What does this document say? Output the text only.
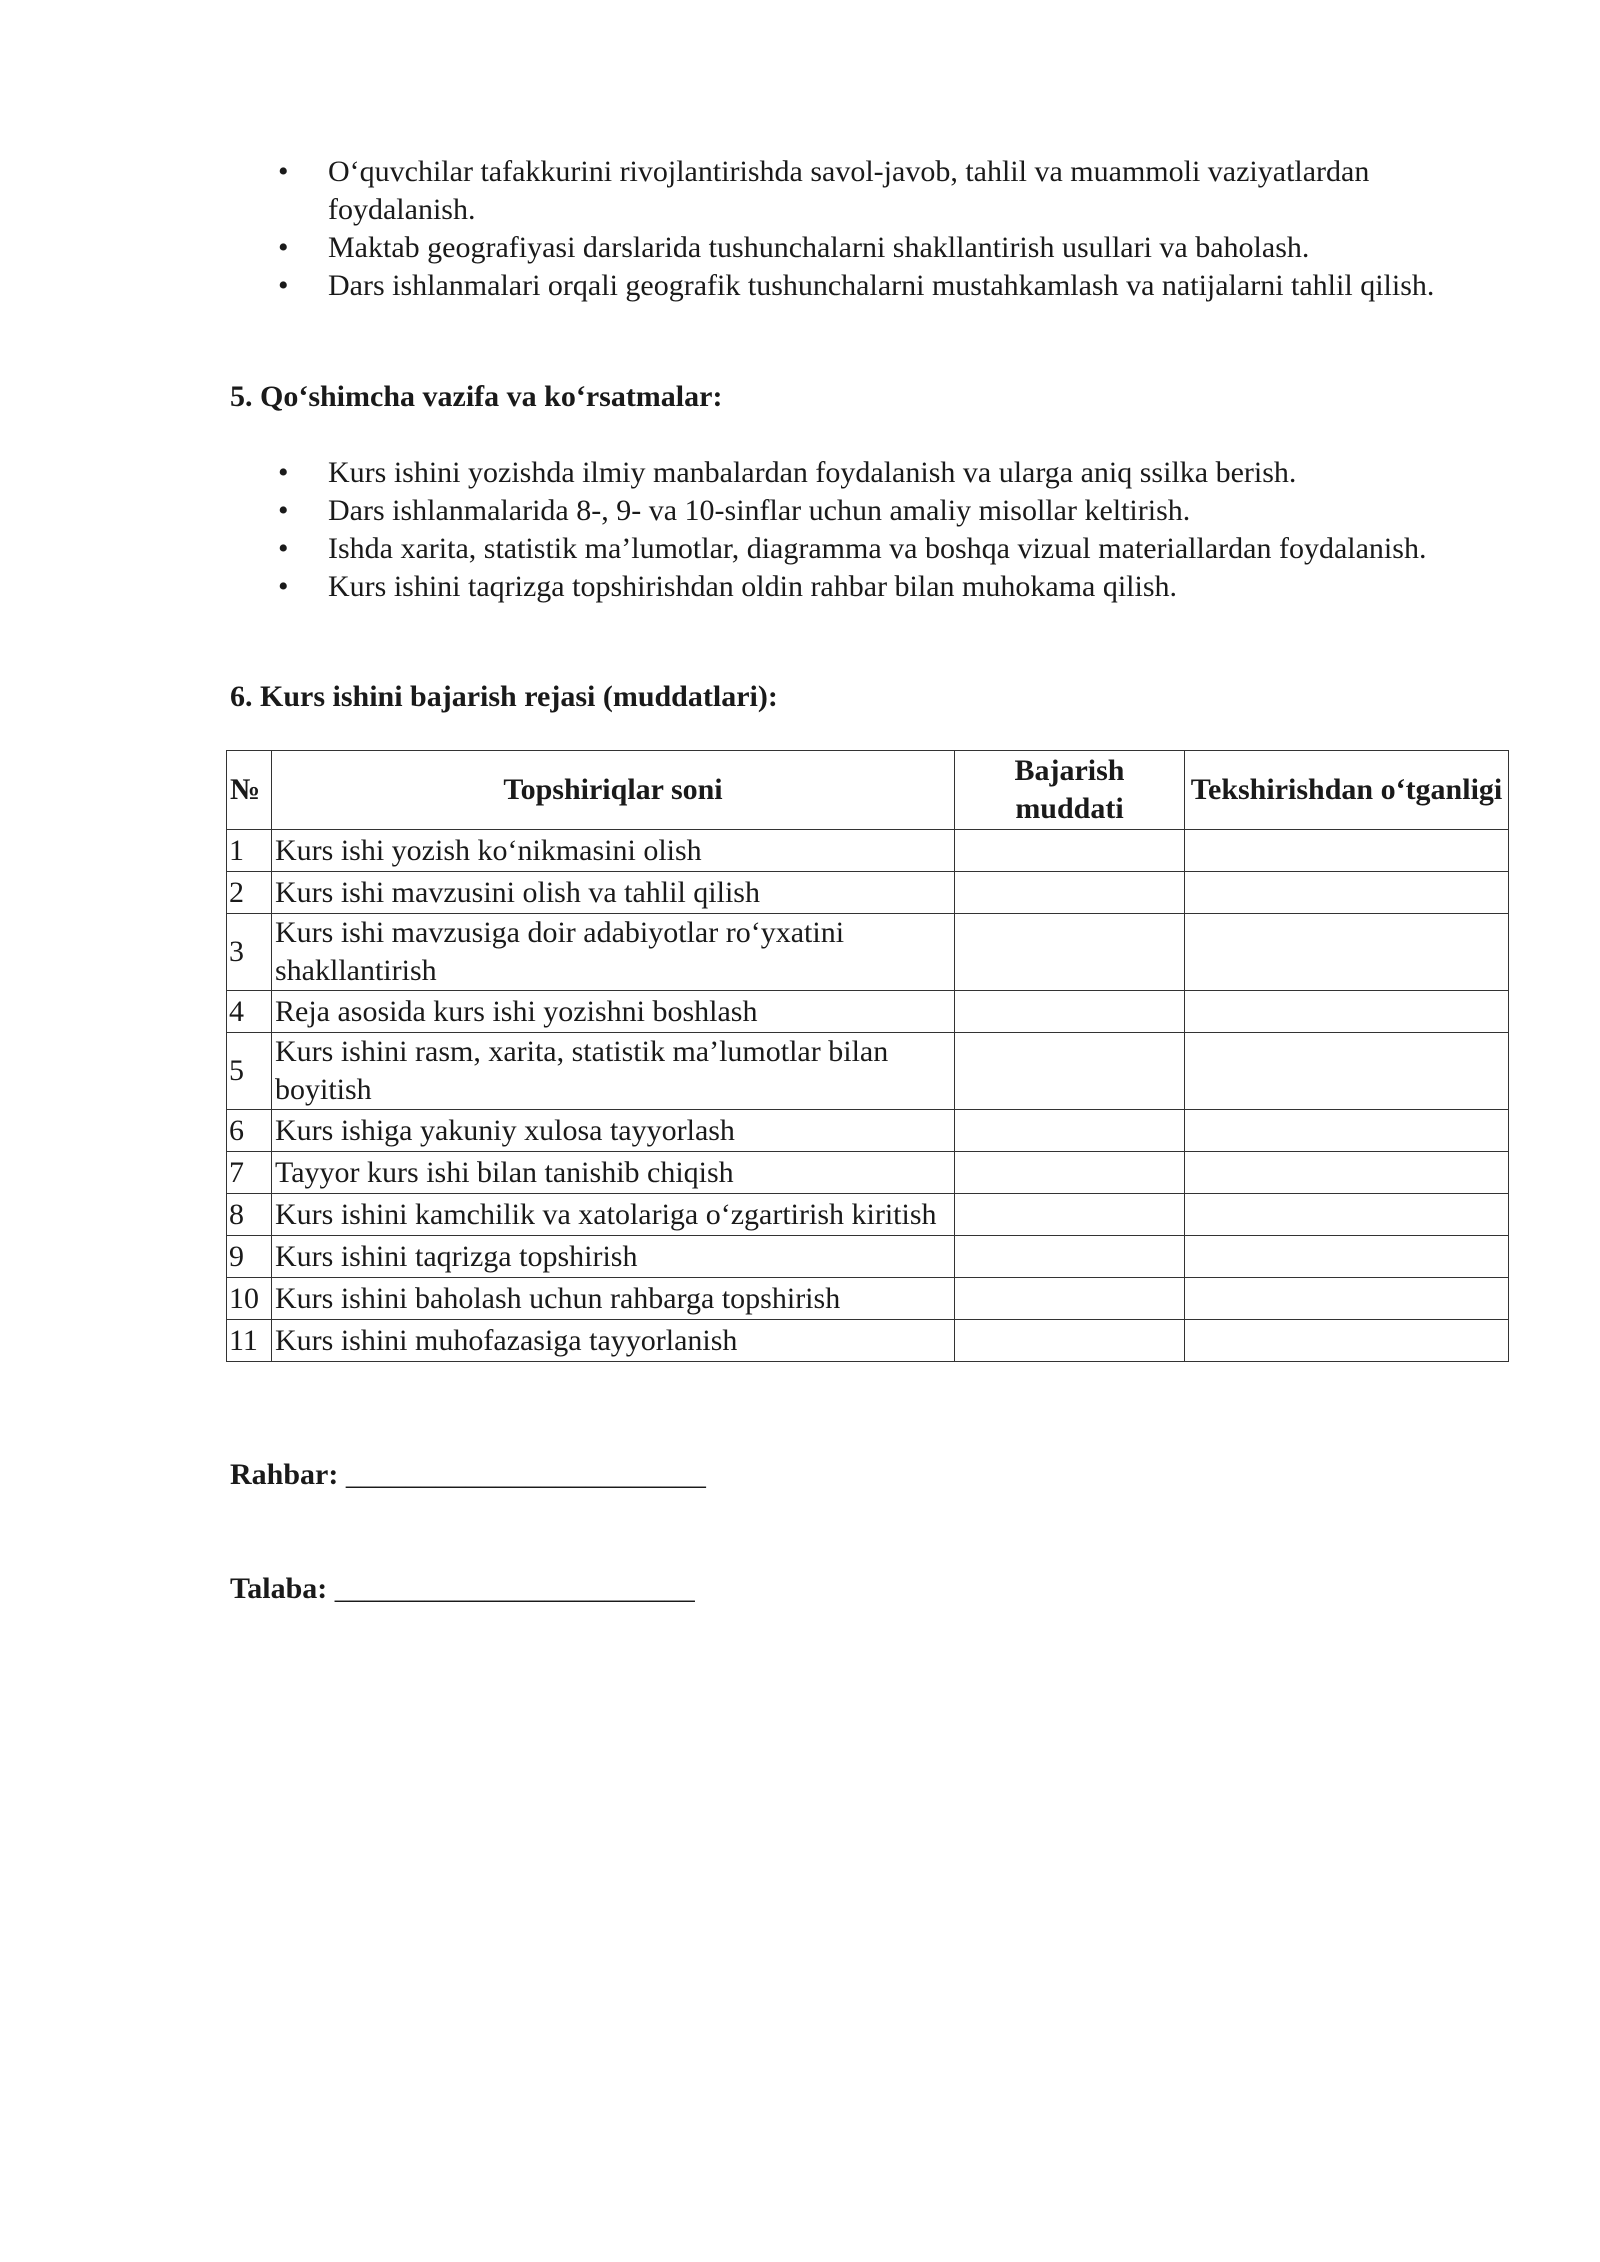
• O‘quvchilar tafakkurini rivojlantirishda savol-javob, tahlil va muammoli vaziyatlardan foydalanish.
• Maktab geografiyasi darslarida tushunchalarni shakllantirish usullari va baholash.
• Dars ishlanmalari orqali geografik tushunchalarni mustahkamlash va natijalarni tahlil qilish.
5. Qo‘shimcha vazifa va ko‘rsatmalar:
• Kurs ishini yozishda ilmiy manbalardan foydalanish va ularga aniq ssilka berish.
• Dars ishlanmalarida 8-, 9- va 10-sinflar uchun amaliy misollar keltirish.
• Ishda xarita, statistik ma’lumotlar, diagramma va boshqa vizual materiallardan foydalanish.
• Kurs ishini taqrizga topshirishdan oldin rahbar bilan muhokama qilish.
6. Kurs ishini bajarish rejasi (muddatlari):
№	Topshiriqlar soni	Bajarish muddati	Tekshirishdan o‘tganligi
1	Kurs ishi yozish ko‘nikmasini olish		
2	Kurs ishi mavzusini olish va tahlil qilish		
3	Kurs ishi mavzusiga doir adabiyotlar ro‘yxatini shakllantirish		
4	Reja asosida kurs ishi yozishni boshlash		
5	Kurs ishini rasm, xarita, statistik ma’lumotlar bilan boyitish		
6	Kurs ishiga yakuniy xulosa tayyorlash		
7	Tayyor kurs ishi bilan tanishib chiqish		
8	Kurs ishini kamchilik va xatolariga o‘zgartirish kiritish		
9	Kurs ishini taqrizga topshirish		
10	Kurs ishini baholash uchun rahbarga topshirish		
11	Kurs ishini muhofazasiga tayyorlanish		
Rahbar: ________________________
Talaba: ________________________
